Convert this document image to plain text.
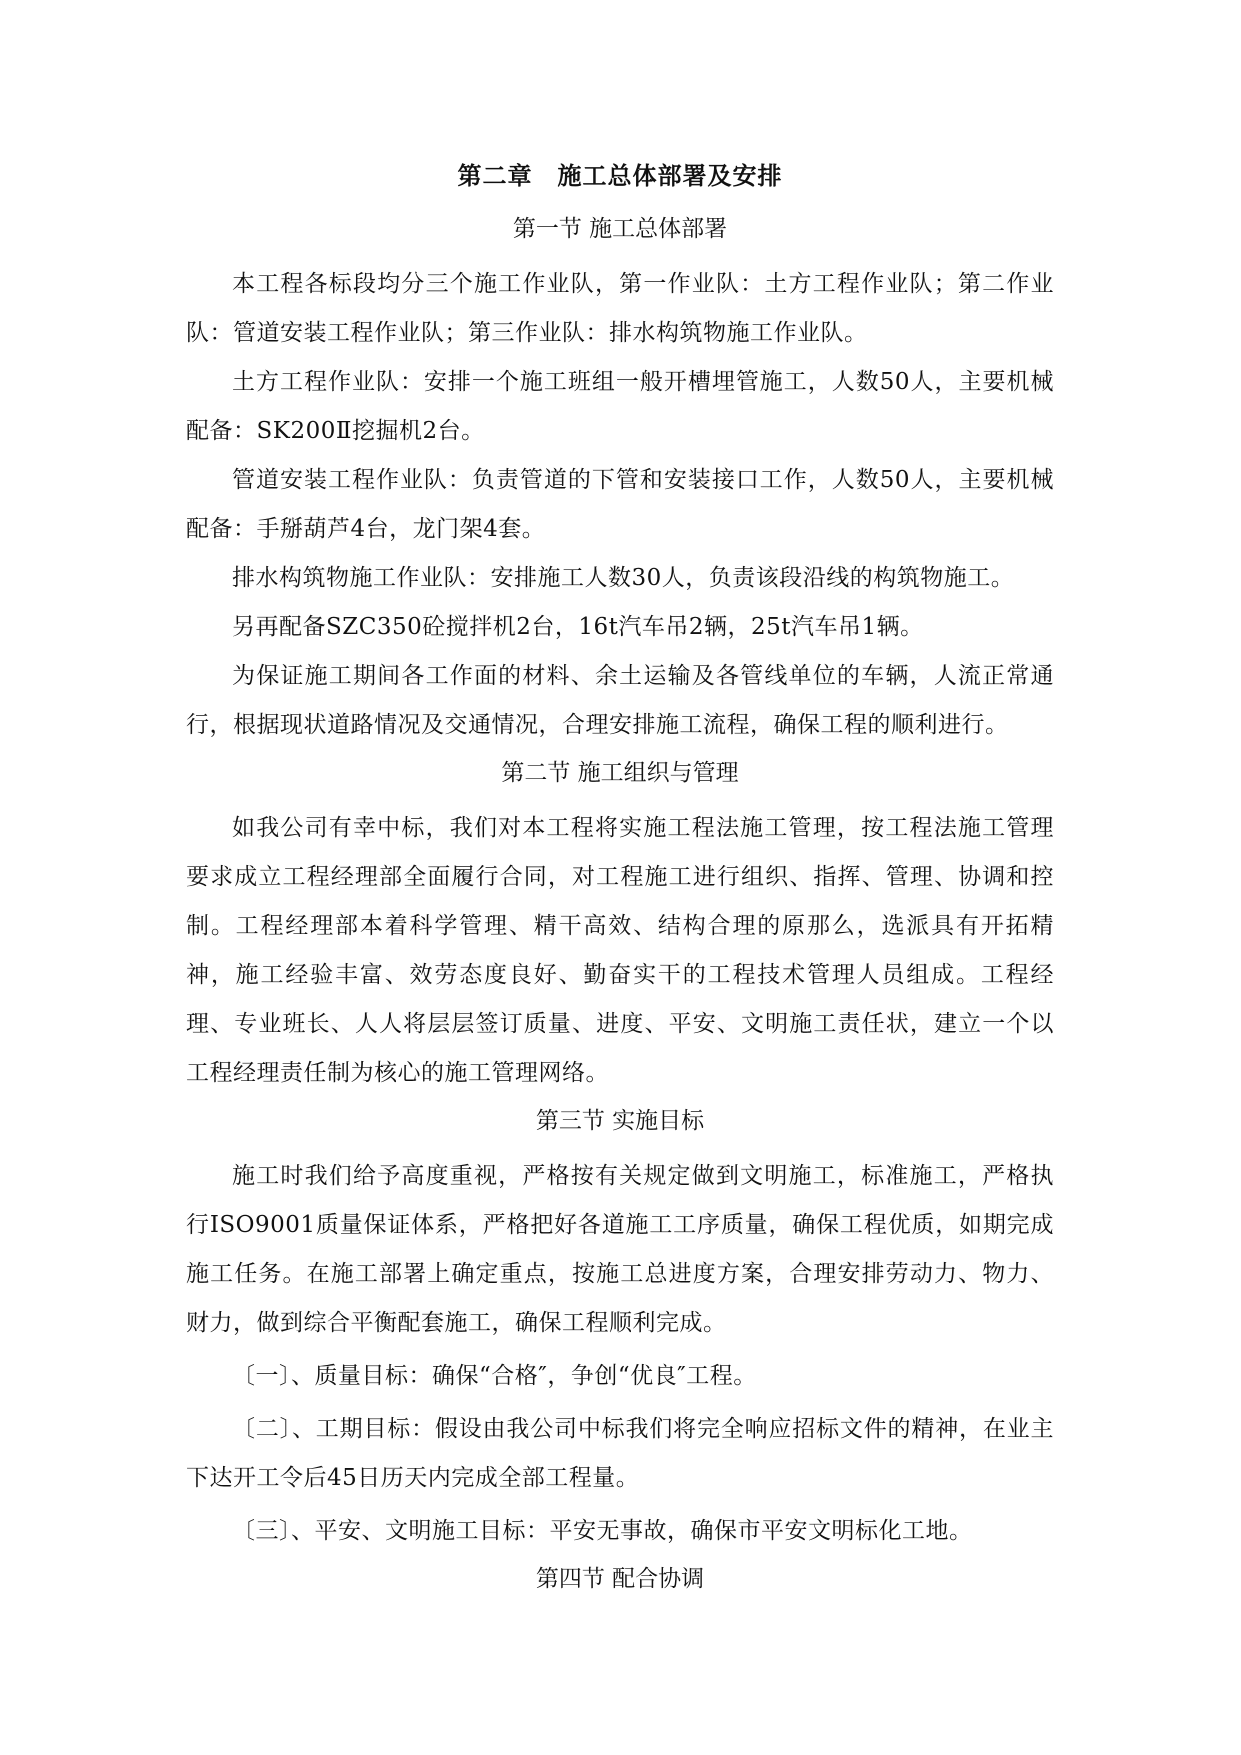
第二章　施工总体部署及安排
第一节 施工总体部署

本工程各标段均分三个施工作业队，第一作业队：土方工程作业队；第二作业队：管道安装工程作业队；第三作业队：排水构筑物施工作业队。

土方工程作业队：安排一个施工班组一般开槽埋管施工，人数50人，主要机械配备：SK200Ⅱ挖掘机2台。

管道安装工程作业队：负责管道的下管和安装接口工作，人数50人，主要机械配备：手掰葫芦4台，龙门架4套。

排水构筑物施工作业队：安排施工人数30人，负责该段沿线的构筑物施工。

另再配备SZC350砼搅拌机2台，16t汽车吊2辆，25t汽车吊1辆。

为保证施工期间各工作面的材料、余土运输及各管线单位的车辆，人流正常通行，根据现状道路情况及交通情况，合理安排施工流程，确保工程的顺利进行。

第二节 施工组织与管理

如我公司有幸中标，我们对本工程将实施工程法施工管理，按工程法施工管理要求成立工程经理部全面履行合同，对工程施工进行组织、指挥、管理、协调和控制。工程经理部本着科学管理、精干高效、结构合理的原那么，选派具有开拓精神，施工经验丰富、效劳态度良好、勤奋实干的工程技术管理人员组成。工程经理、专业班长、人人将层层签订质量、进度、平安、文明施工责任状，建立一个以工程经理责任制为核心的施工管理网络。

第三节 实施目标

施工时我们给予高度重视，严格按有关规定做到文明施工，标准施工，严格执行ISO9001质量保证体系，严格把好各道施工工序质量，确保工程优质，如期完成施工任务。在施工部署上确定重点，按施工总进度方案，合理安排劳动力、物力、财力，做到综合平衡配套施工，确保工程顺利完成。

〔一〕、质量目标：确保“合格″，争创“优良″工程。

〔二〕、工期目标：假设由我公司中标我们将完全响应招标文件的精神，在业主下达开工令后45日历天内完成全部工程量。

〔三〕、平安、文明施工目标：平安无事故，确保市平安文明标化工地。

第四节 配合协调
